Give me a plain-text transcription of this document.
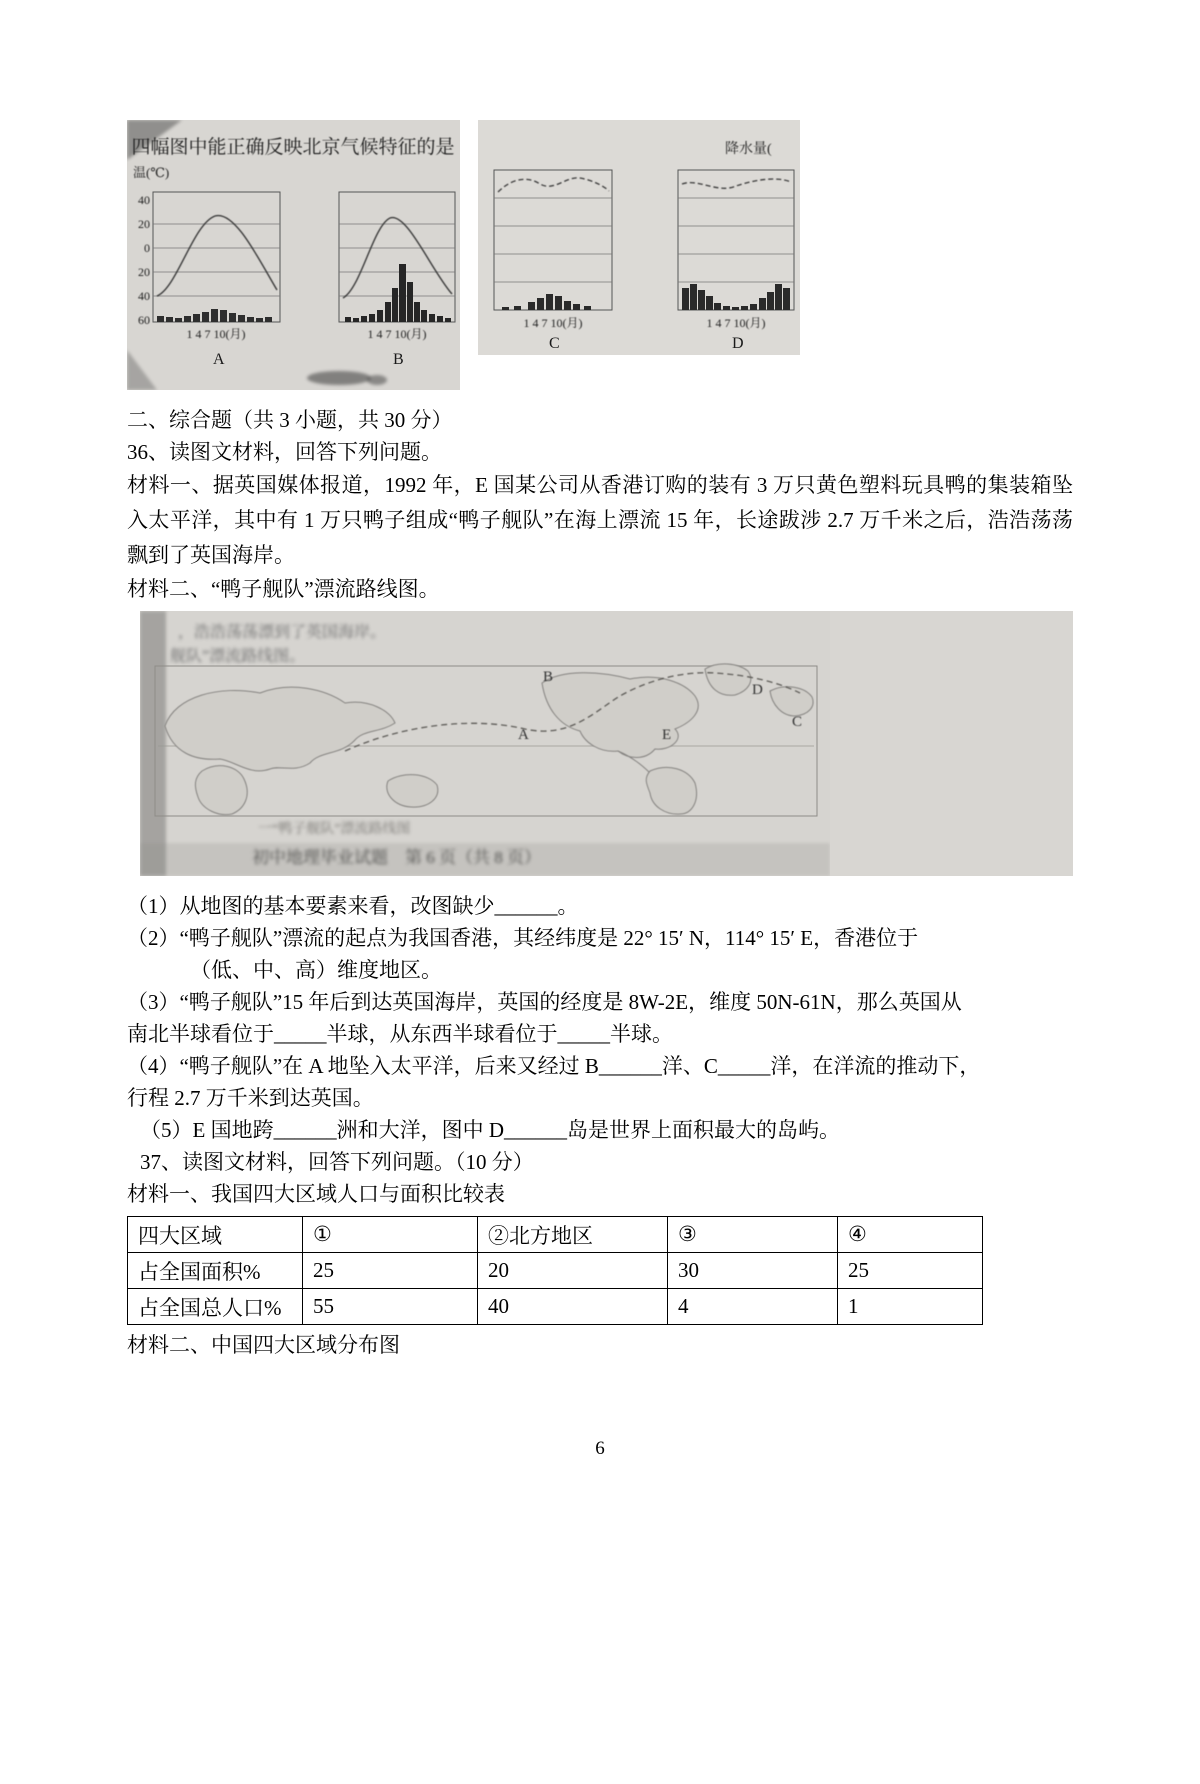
四幅图中能正确反映北京气候特征的是
温(℃)
40
20
0
20
40
60
1 4 7 10(月)
A
1 4 7 10(月)
B
降水量(
1 4 7 10(月)
C
1 4 7 10(月)
D

二、综合题（共 3 小题，共 30 分）

36、读图文材料，回答下列问题。

材料一、据英国媒体报道，1992 年，E 国某公司从香港订购的装有 3 万只黄色塑料玩具鸭的集装箱坠入太平洋，其中有 1 万只鸭子组成“鸭子舰队”在海上漂流 15 年，长途跋涉 2.7 万千米之后，浩浩荡荡飘到了英国海岸。

材料二、“鸭子舰队”漂流路线图。

，浩浩荡荡漂到了英国海岸。
舰队”漂流路线图。
B
D
C
E
A
一“鸭子舰队”漂流路线图
初中地理毕业试题　第 6 页（共 8 页）

（1）从地图的基本要素来看，改图缺少______。

（2）“鸭子舰队”漂流的起点为我国香港，其经纬度是 22° 15′ N，114° 15′ E，香港位于

（低、中、高）维度地区。

（3）“鸭子舰队”15 年后到达英国海岸，英国的经度是 8W-2E，维度 50N-61N，那么英国从

南北半球看位于_____半球，从东西半球看位于_____半球。

（4）“鸭子舰队”在 A 地坠入太平洋，后来又经过 B______洋、C_____洋，在洋流的推动下，

行程 2.7 万千米到达英国。

（5）E 国地跨______洲和大洋，图中 D______岛是世界上面积最大的岛屿。

37、读图文材料，回答下列问题。（10 分）

材料一、我国四大区域人口与面积比较表

四大区域	①	②北方地区	③	④
占全国面积%	25	20	30	25
占全国总人口%	55	40	4	1

材料二、中国四大区域分布图

6
